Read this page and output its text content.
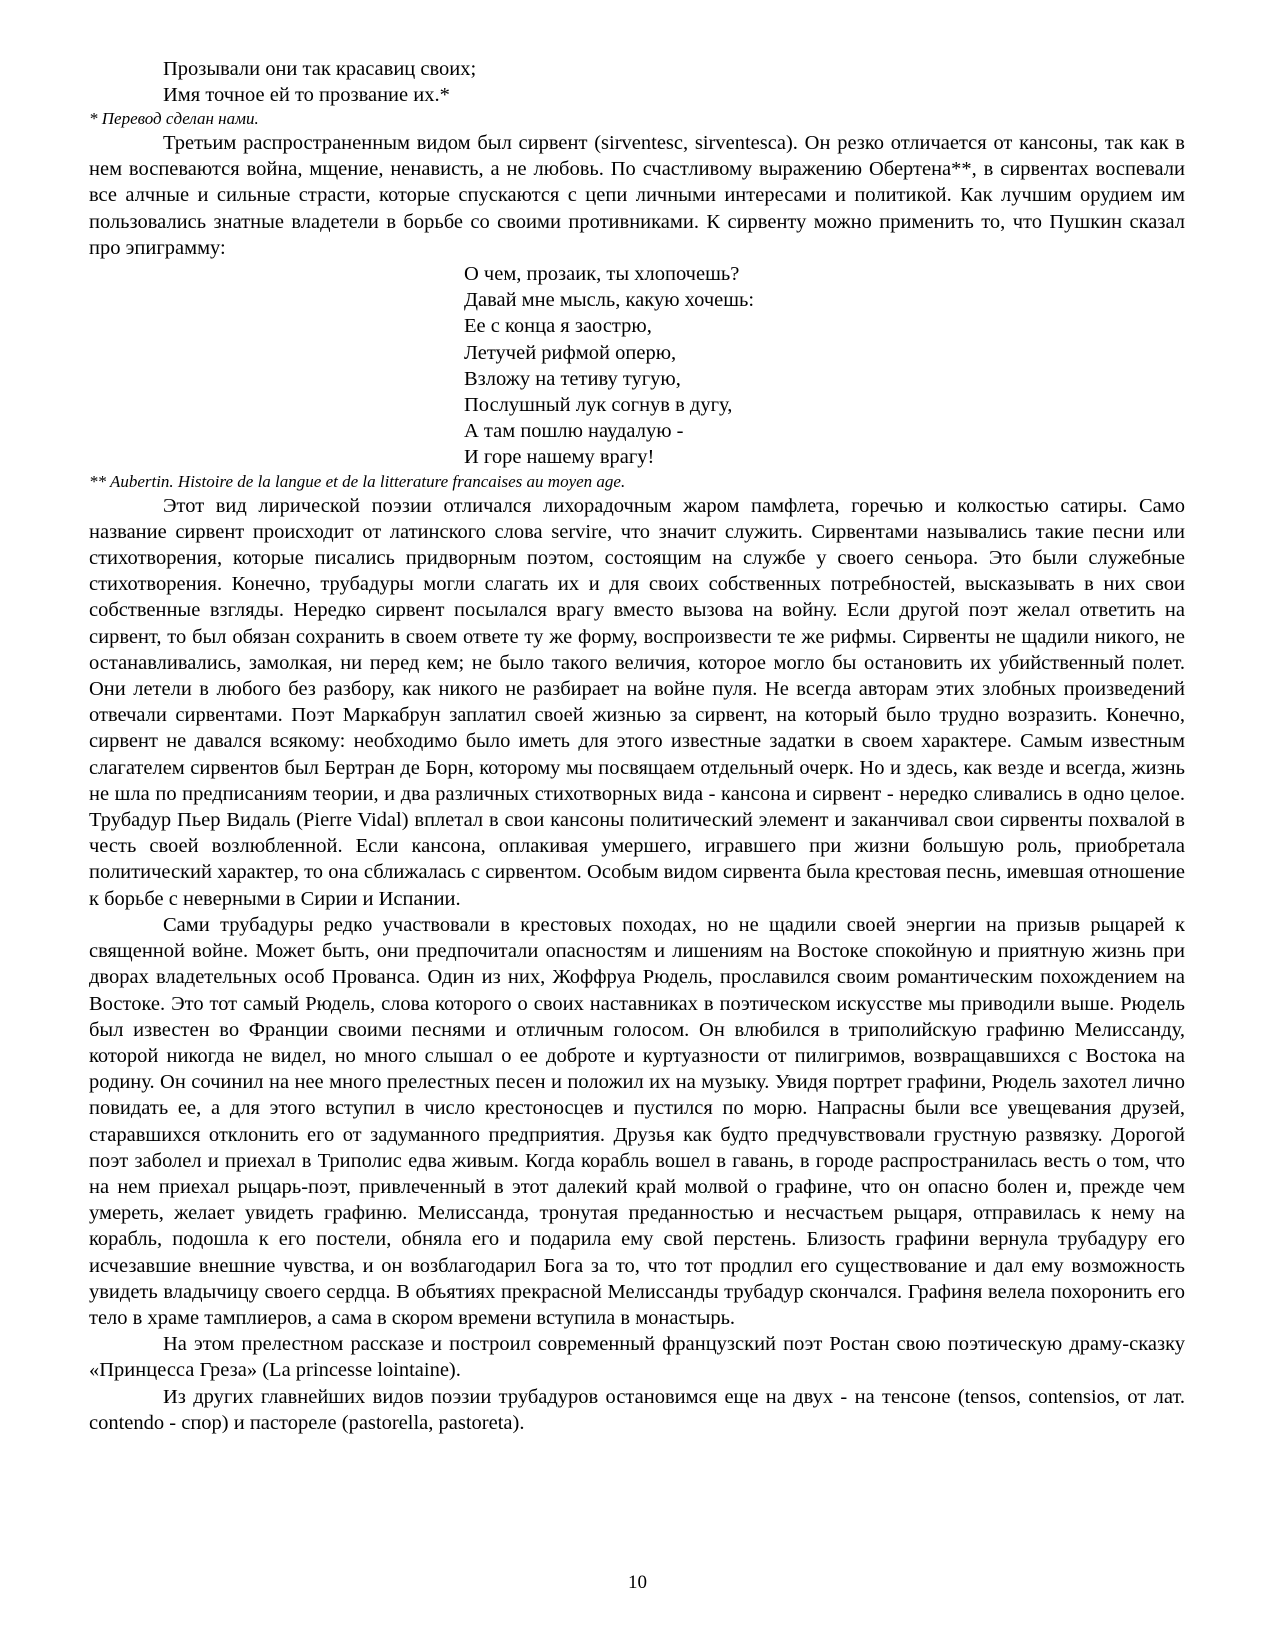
Прозывали они так красавиц своих;

Имя точное ей то прозвание их.*

* Перевод сделан нами.

Третьим распространенным видом был сирвент (sirventesc, sirventesca). Он резко отличается от кансоны, так как в нем воспеваются война, мщение, ненависть, а не любовь. По счастливому выражению Обертена**, в сирвентах воспевали все алчные и сильные страсти, которые спускаются с цепи личными интересами и политикой. Как лучшим орудием им пользовались знатные владетели в борьбе со своими противниками. К сирвенту можно применить то, что Пушкин сказал про эпиграмму:

О чем, прозаик, ты хлопочешь?
Давай мне мысль, какую хочешь:
Ее с конца я заострю,
Летучей рифмой оперю,
Взложу на тетиву тугую,
Послушный лук согнув в дугу,
А там пошлю наудалую -
И горе нашему врагу!

** Aubertin. Histoire de la langue et de la litterature francaises au moyen age.

Этот вид лирической поэзии отличался лихорадочным жаром памфлета, горечью и колкостью сатиры. Само название сирвент происходит от латинского слова servire, что значит служить. Сирвентами назывались такие песни или стихотворения, которые писались придворным поэтом, состоящим на службе у своего сеньора. Это были служебные стихотворения. Конечно, трубадуры могли слагать их и для своих собственных потребностей, высказывать в них свои собственные взгляды. Нередко сирвент посылался врагу вместо вызова на войну. Если другой поэт желал ответить на сирвент, то был обязан сохранить в своем ответе ту же форму, воспроизвести те же рифмы. Сирвенты не щадили никого, не останавливались, замолкая, ни перед кем; не было такого величия, которое могло бы остановить их убийственный полет. Они летели в любого без разбору, как никого не разбирает на войне пуля. Не всегда авторам этих злобных произведений отвечали сирвентами. Поэт Маркабрун заплатил своей жизнью за сирвент, на который было трудно возразить. Конечно, сирвент не давался всякому: необходимо было иметь для этого известные задатки в своем характере. Самым известным слагателем сирвентов был Бертран де Борн, которому мы посвящаем отдельный очерк. Но и здесь, как везде и всегда, жизнь не шла по предписаниям теории, и два различных стихотворных вида - кансона и сирвент - нередко сливались в одно целое. Трубадур Пьер Видаль (Pierre Vidal) вплетал в свои кансоны политический элемент и заканчивал свои сирвенты похвалой в честь своей возлюбленной. Если кансона, оплакивая умершего, игравшего при жизни большую роль, приобретала политический характер, то она сближалась с сирвентом. Особым видом сирвента была крестовая песнь, имевшая отношение к борьбе с неверными в Сирии и Испании.

Сами трубадуры редко участвовали в крестовых походах, но не щадили своей энергии на призыв рыцарей к священной войне. Может быть, они предпочитали опасностям и лишениям на Востоке спокойную и приятную жизнь при дворах владетельных особ Прованса. Один из них, Жоффруа Рюдель, прославился своим романтическим похождением на Востоке. Это тот самый Рюдель, слова которого о своих наставниках в поэтическом искусстве мы приводили выше. Рюдель был известен во Франции своими песнями и отличным голосом. Он влюбился в триполийскую графиню Мелиссанду, которой никогда не видел, но много слышал о ее доброте и куртуазности от пилигримов, возвращавшихся с Востока на родину. Он сочинил на нее много прелестных песен и положил их на музыку. Увидя портрет графини, Рюдель захотел лично повидать ее, а для этого вступил в число крестоносцев и пустился по морю. Напрасны были все увещевания друзей, старавшихся отклонить его от задуманного предприятия. Друзья как будто предчувствовали грустную развязку. Дорогой поэт заболел и приехал в Триполис едва живым. Когда корабль вошел в гавань, в городе распространилась весть о том, что на нем приехал рыцарь-поэт, привлеченный в этот далекий край молвой о графине, что он опасно болен и, прежде чем умереть, желает увидеть графиню. Мелиссанда, тронутая преданностью и несчастьем рыцаря, отправилась к нему на корабль, подошла к его постели, обняла его и подарила ему свой перстень. Близость графини вернула трубадуру его исчезавшие внешние чувства, и он возблагодарил Бога за то, что тот продлил его существование и дал ему возможность увидеть владычицу своего сердца. В объятиях прекрасной Мелиссанды трубадур скончался. Графиня велела похоронить его тело в храме тамплиеров, а сама в скором времени вступила в монастырь.

На этом прелестном рассказе и построил современный французский поэт Ростан свою поэтическую драму-сказку «Принцесса Греза» (La princesse lointaine).

Из других главнейших видов поэзии трубадуров остановимся еще на двух - на тенсоне (tensos, contensios, от лат. contendo - спор) и пастореле (pastorella, pastoreta).

10
